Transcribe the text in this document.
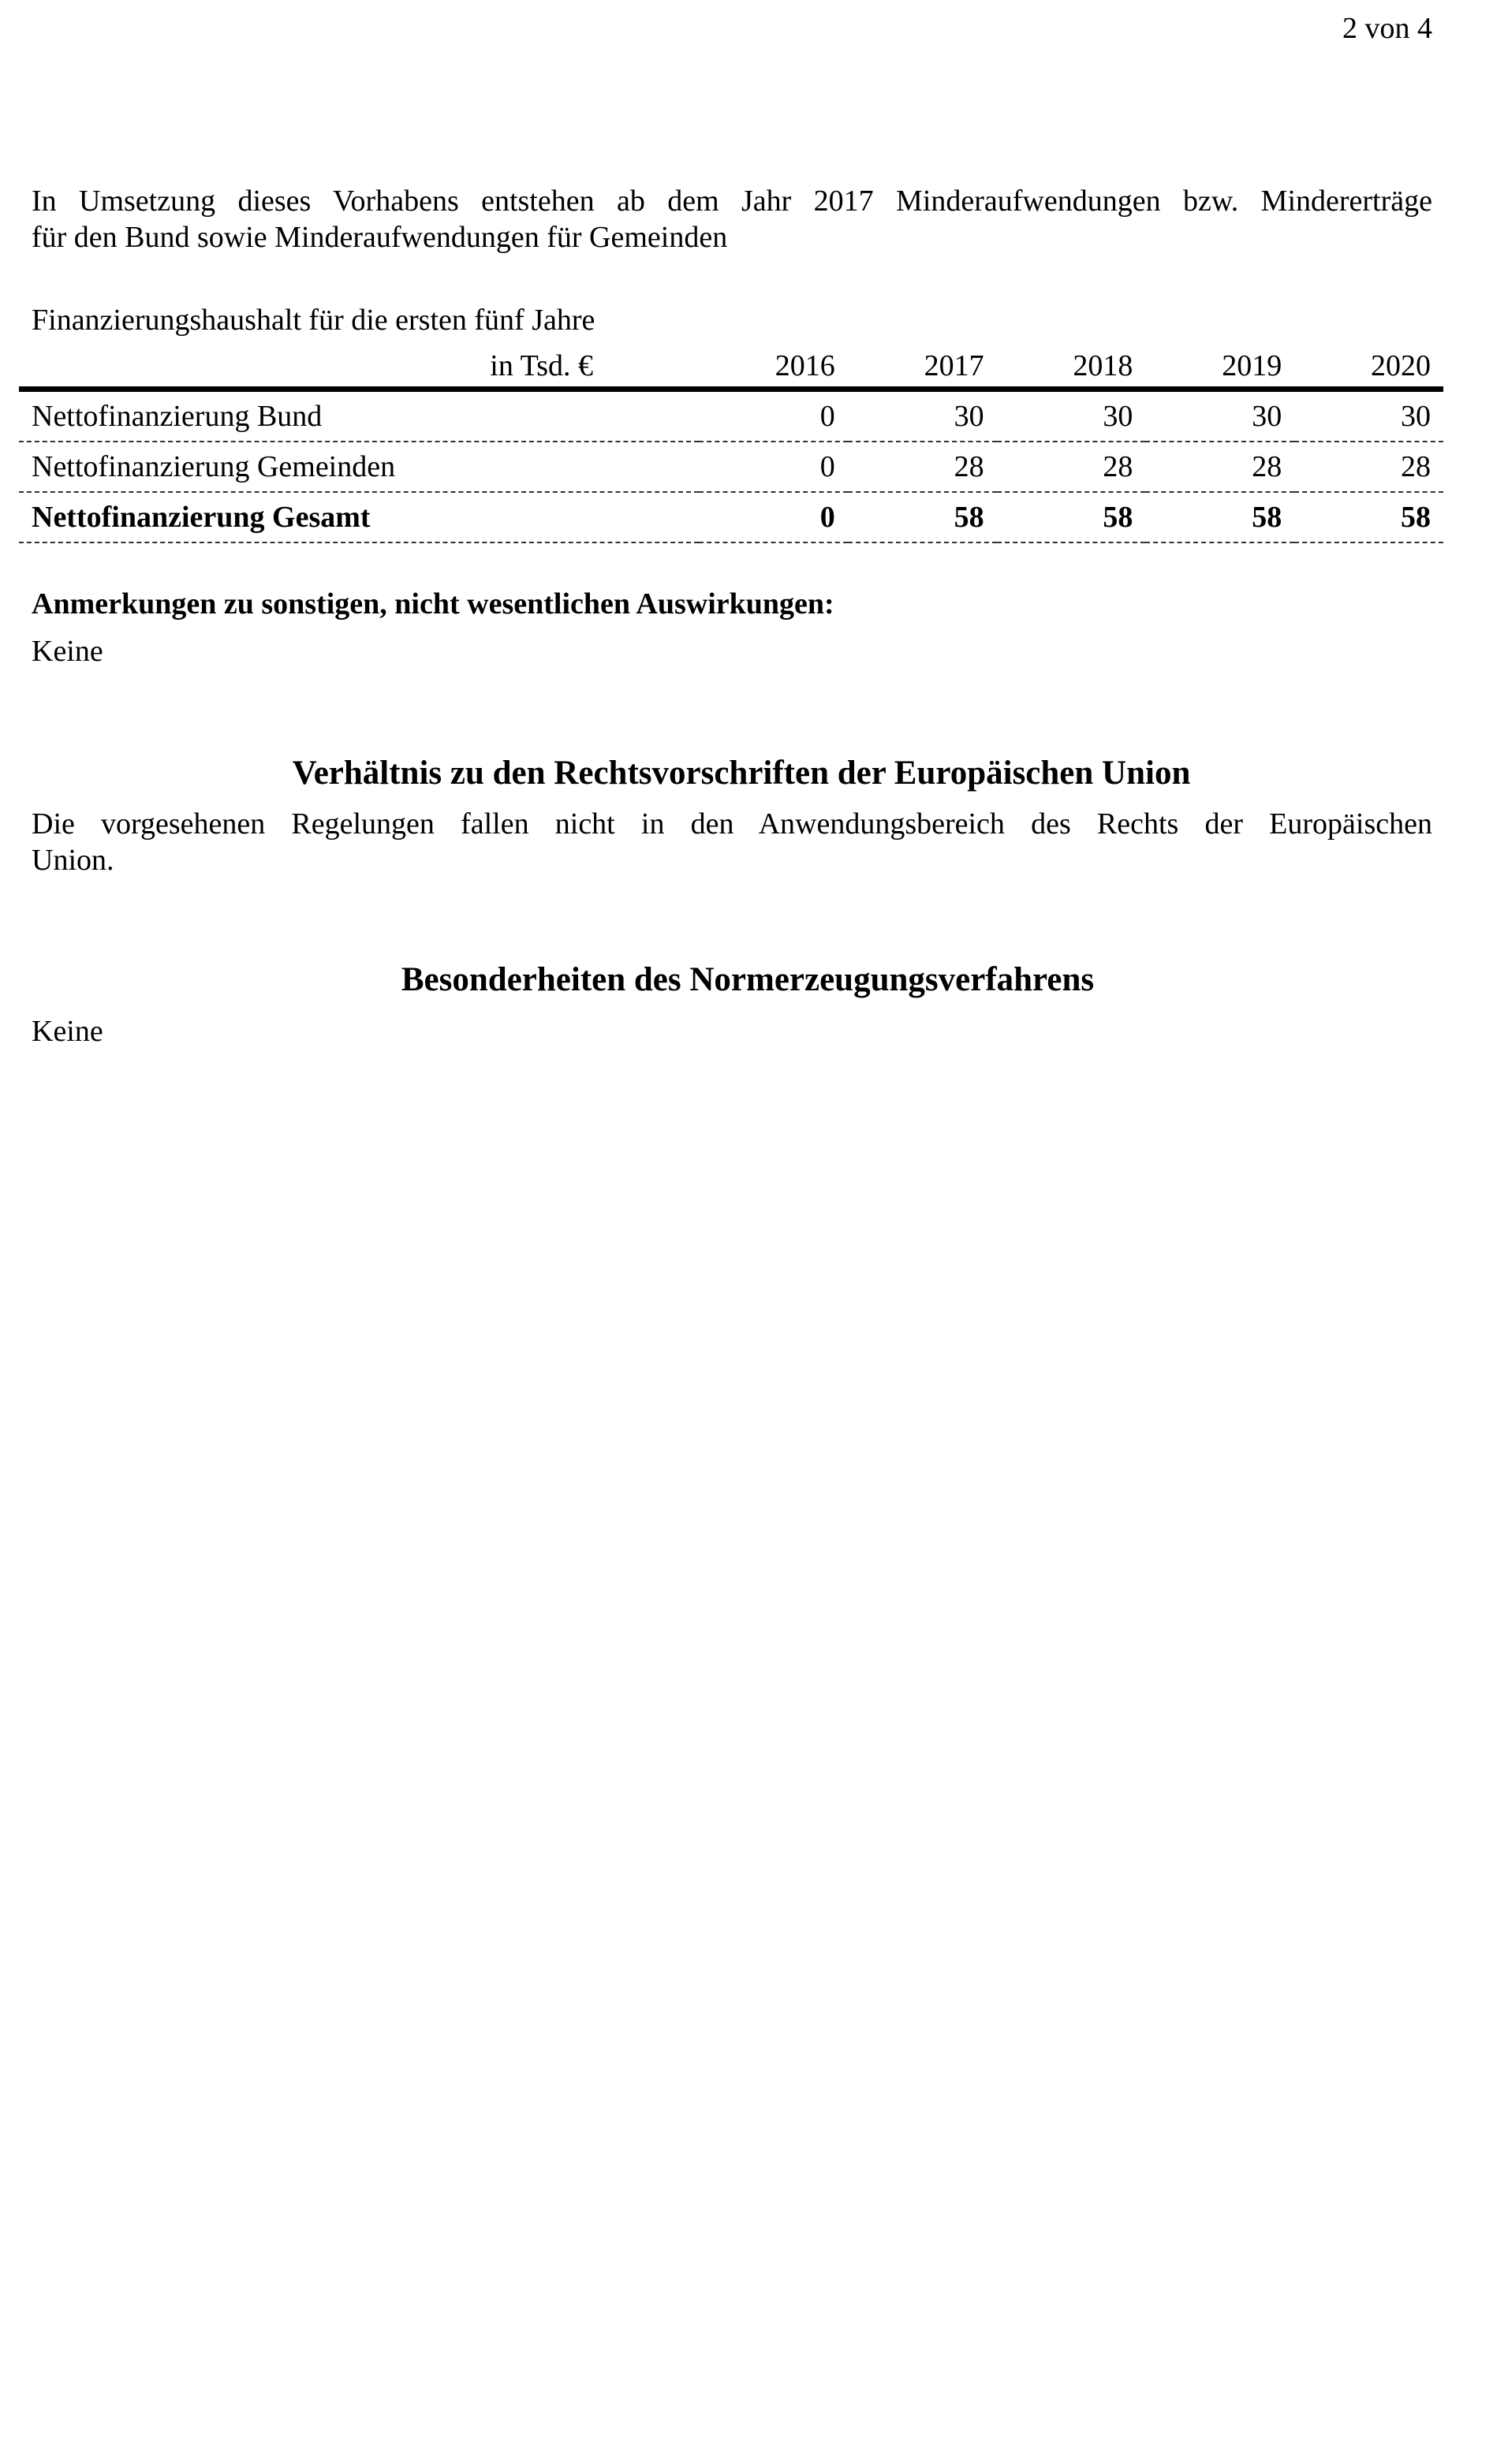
2 von 4
In Umsetzung dieses Vorhabens entstehen ab dem Jahr 2017 Minderaufwendungen bzw. Mindererträge
für den Bund sowie Minderaufwendungen für Gemeinden
Finanzierungshaushalt für die ersten fünf Jahre
in Tsd. €	2016	2017	2018	2019	2020
Nettofinanzierung Bund	0	30	30	30	30
Nettofinanzierung Gemeinden	0	28	28	28	28
Nettofinanzierung Gesamt	0	58	58	58	58
Anmerkungen zu sonstigen, nicht wesentlichen Auswirkungen:
Keine
Verhältnis zu den Rechtsvorschriften der Europäischen Union
Die vorgesehenen Regelungen fallen nicht in den Anwendungsbereich des Rechts der Europäischen
Union.
Besonderheiten des Normerzeugungsverfahrens
Keine
